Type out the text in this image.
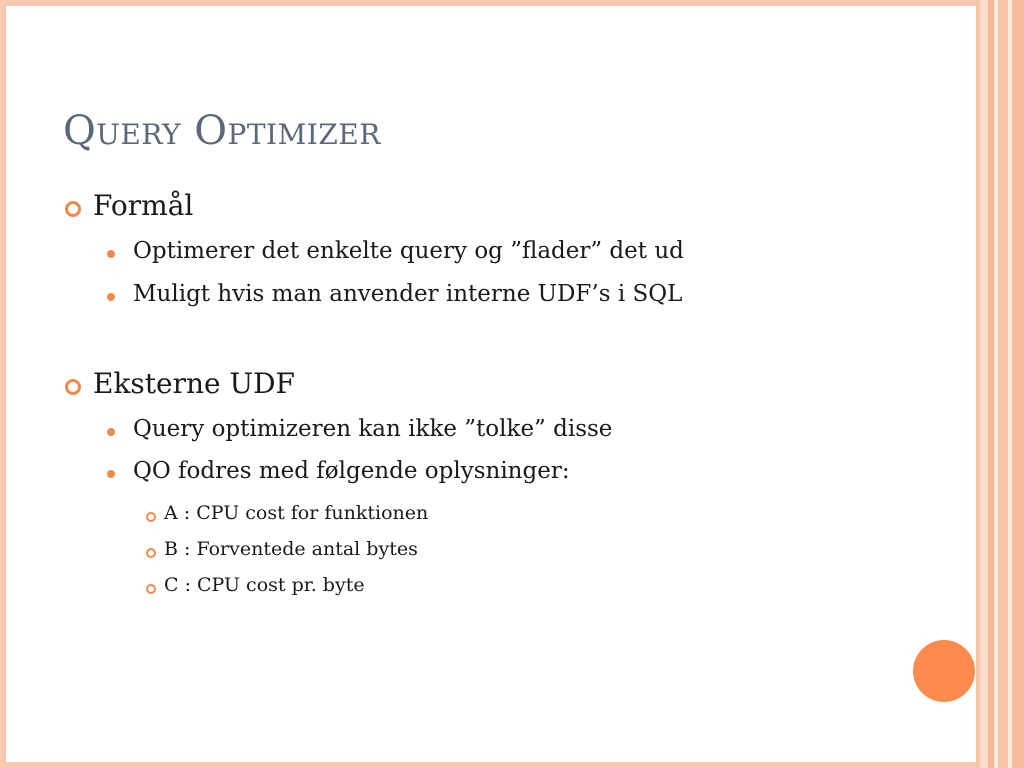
Query Optimizer
Formål
Optimerer det enkelte query og ”flader” det ud
Muligt hvis man anvender interne UDF’s i SQL
Eksterne UDF
Query optimizeren kan ikke ”tolke” disse
QO fodres med følgende oplysninger:
A : CPU cost for funktionen
B : Forventede antal bytes
C : CPU cost pr. byte
